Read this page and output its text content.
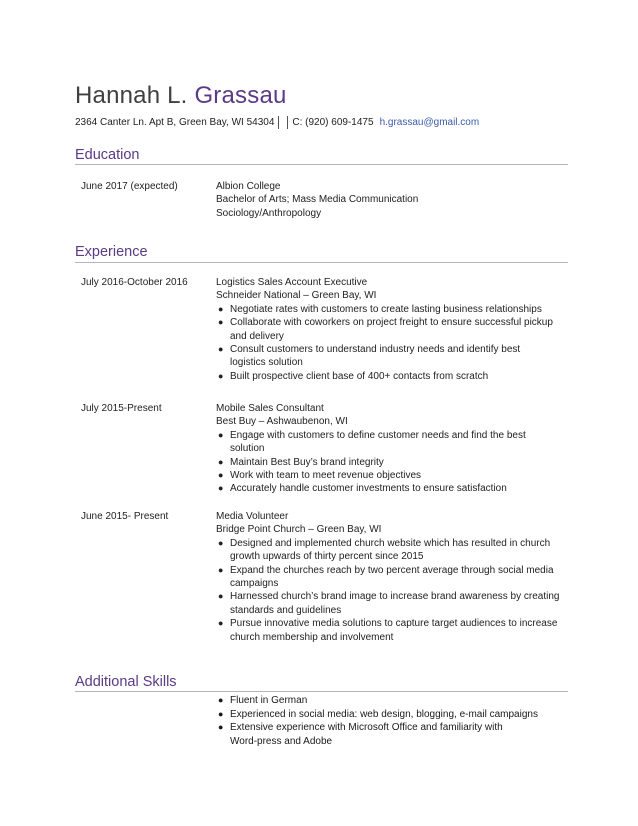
Hannah L. Grassau
2364 Canter Ln. Apt B, Green Bay, WI 54304 C: (920) 609-1475 h.grassau@gmail.com
Education
June 2017 (expected)	Albion College
Bachelor of Arts; Mass Media Communication
Sociology/Anthropology
Experience
July 2016-October 2016	Logistics Sales Account Executive
Schneider National – Green Bay, WI
● Negotiate rates with customers to create lasting business relationships
● Collaborate with coworkers on project freight to ensure successful pickup
and delivery
● Consult customers to understand industry needs and identify best
logistics solution
● Built prospective client base of 400+ contacts from scratch
July 2015-Present	Mobile Sales Consultant
Best Buy – Ashwaubenon, WI
● Engage with customers to define customer needs and find the best
solution
● Maintain Best Buy’s brand integrity
● Work with team to meet revenue objectives
● Accurately handle customer investments to ensure satisfaction
June 2015- Present	Media Volunteer
Bridge Point Church – Green Bay, WI
● Designed and implemented church website which has resulted in church
growth upwards of thirty percent since 2015
● Expand the churches reach by two percent average through social media
campaigns
● Harnessed church’s brand image to increase brand awareness by creating
standards and guidelines
● Pursue innovative media solutions to capture target audiences to increase
church membership and involvement
Additional Skills
● Fluent in German
● Experienced in social media: web design, blogging, e-mail campaigns
● Extensive experience with Microsoft Office and familiarity with
Word-press and Adobe
